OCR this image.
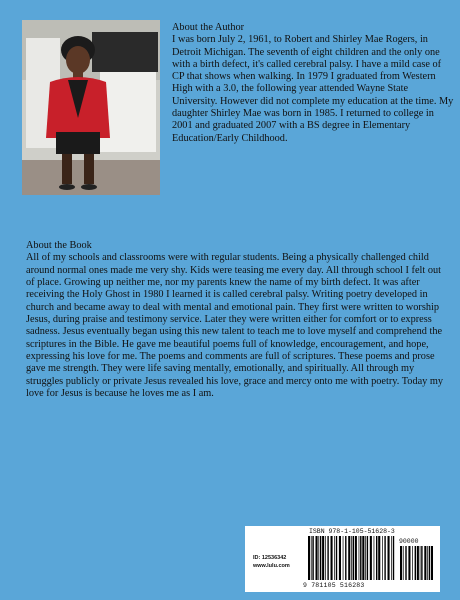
About the Author

I was born July 2, 1961, to Robert and Shirley Mae Rogers, in Detroit Michigan. The seventh of eight children and the only one with a birth defect, it's called cerebral palsy. I have a mild case of CP that shows when walking. In 1979 I graduated from Western High with a 3.0, the following year attended Wayne State University. However did not complete my education at the time. My daughter Shirley Mae was born in 1985. I returned to college in 2001 and graduated 2007 with a BS degree in Elementary Education/Early Childhood.

About the Book

All of my schools and classrooms were with regular students. Being a physically challenged child around normal ones made me very shy. Kids were teasing me every day. All through school I felt out of place. Growing up neither me, nor my parents knew the name of my birth defect. It was after receiving the Holy Ghost in 1980 I learned it is called cerebral palsy. Writing poetry developed in church and became away to deal with mental and emotional pain. They first were written to worship Jesus, during praise and testimony service. Later they were written either for comfort or to express sadness. Jesus eventually began using this new talent to teach me to love myself and comprehend the scriptures in the Bible. He gave me beautiful poems full of knowledge, encouragement, and hope, expressing his love for me. The poems and comments are full of scriptures. These poems and prose gave me strength. They were life saving mentally, emotionally, and spiritually. All through my struggles publicly or private Jesus revealed his love, grace and mercy onto me with poetry. Today my love for Jesus is because he loves me as I am.

ISBN 978-1-105-51628-3
90000
ID: 12536342
www.lulu.com
9 781105 516283
